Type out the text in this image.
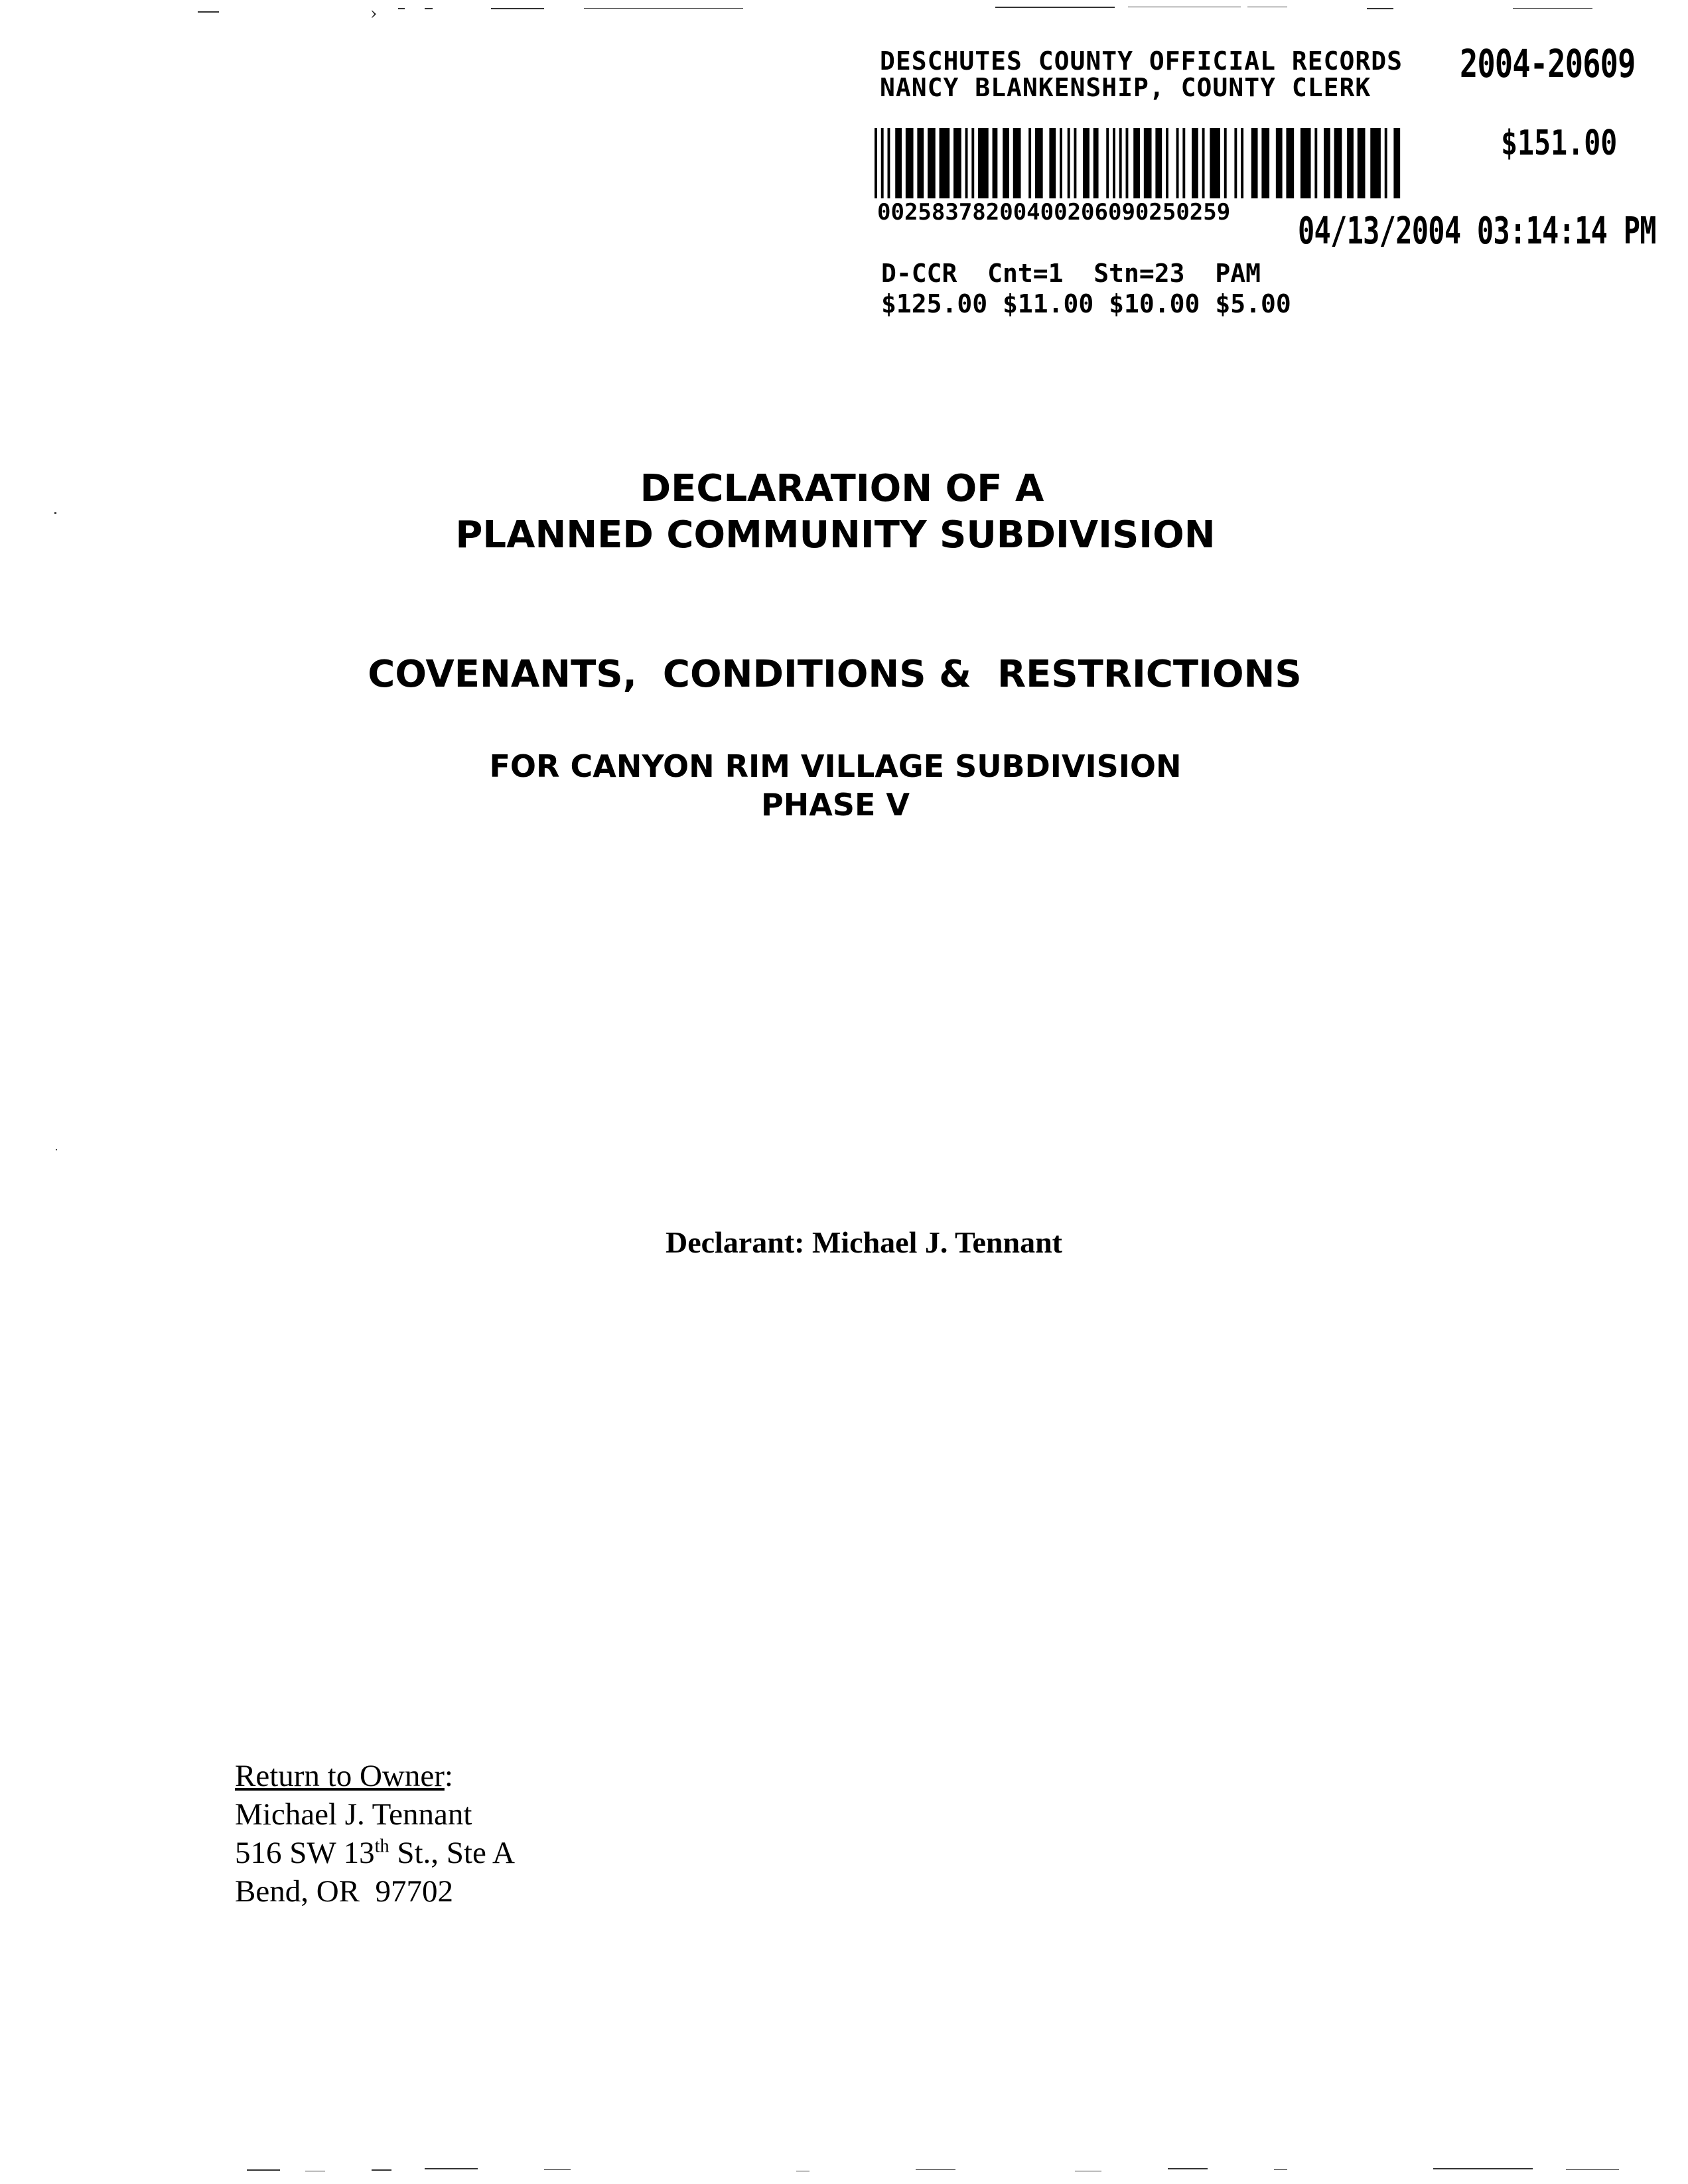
›
DESCHUTES COUNTY OFFICIAL RECORDS
NANCY BLANKENSHIP, COUNTY CLERK
2004-20609
$151.00
00258378200400206090250259 04/13/2004 03:14:14 PM
D-CCR  Cnt=1  Stn=23  PAM
$125.00 $11.00 $10.00 $5.00
DECLARATION OF A
PLANNED COMMUNITY SUBDIVISION
COVENANTS,  CONDITIONS &  RESTRICTIONS
FOR CANYON RIM VILLAGE SUBDIVISION
PHASE V
Declarant: Michael J. Tennant
Return to Owner:
Michael J. Tennant
516 SW 13th St., Ste A
Bend, OR  97702
